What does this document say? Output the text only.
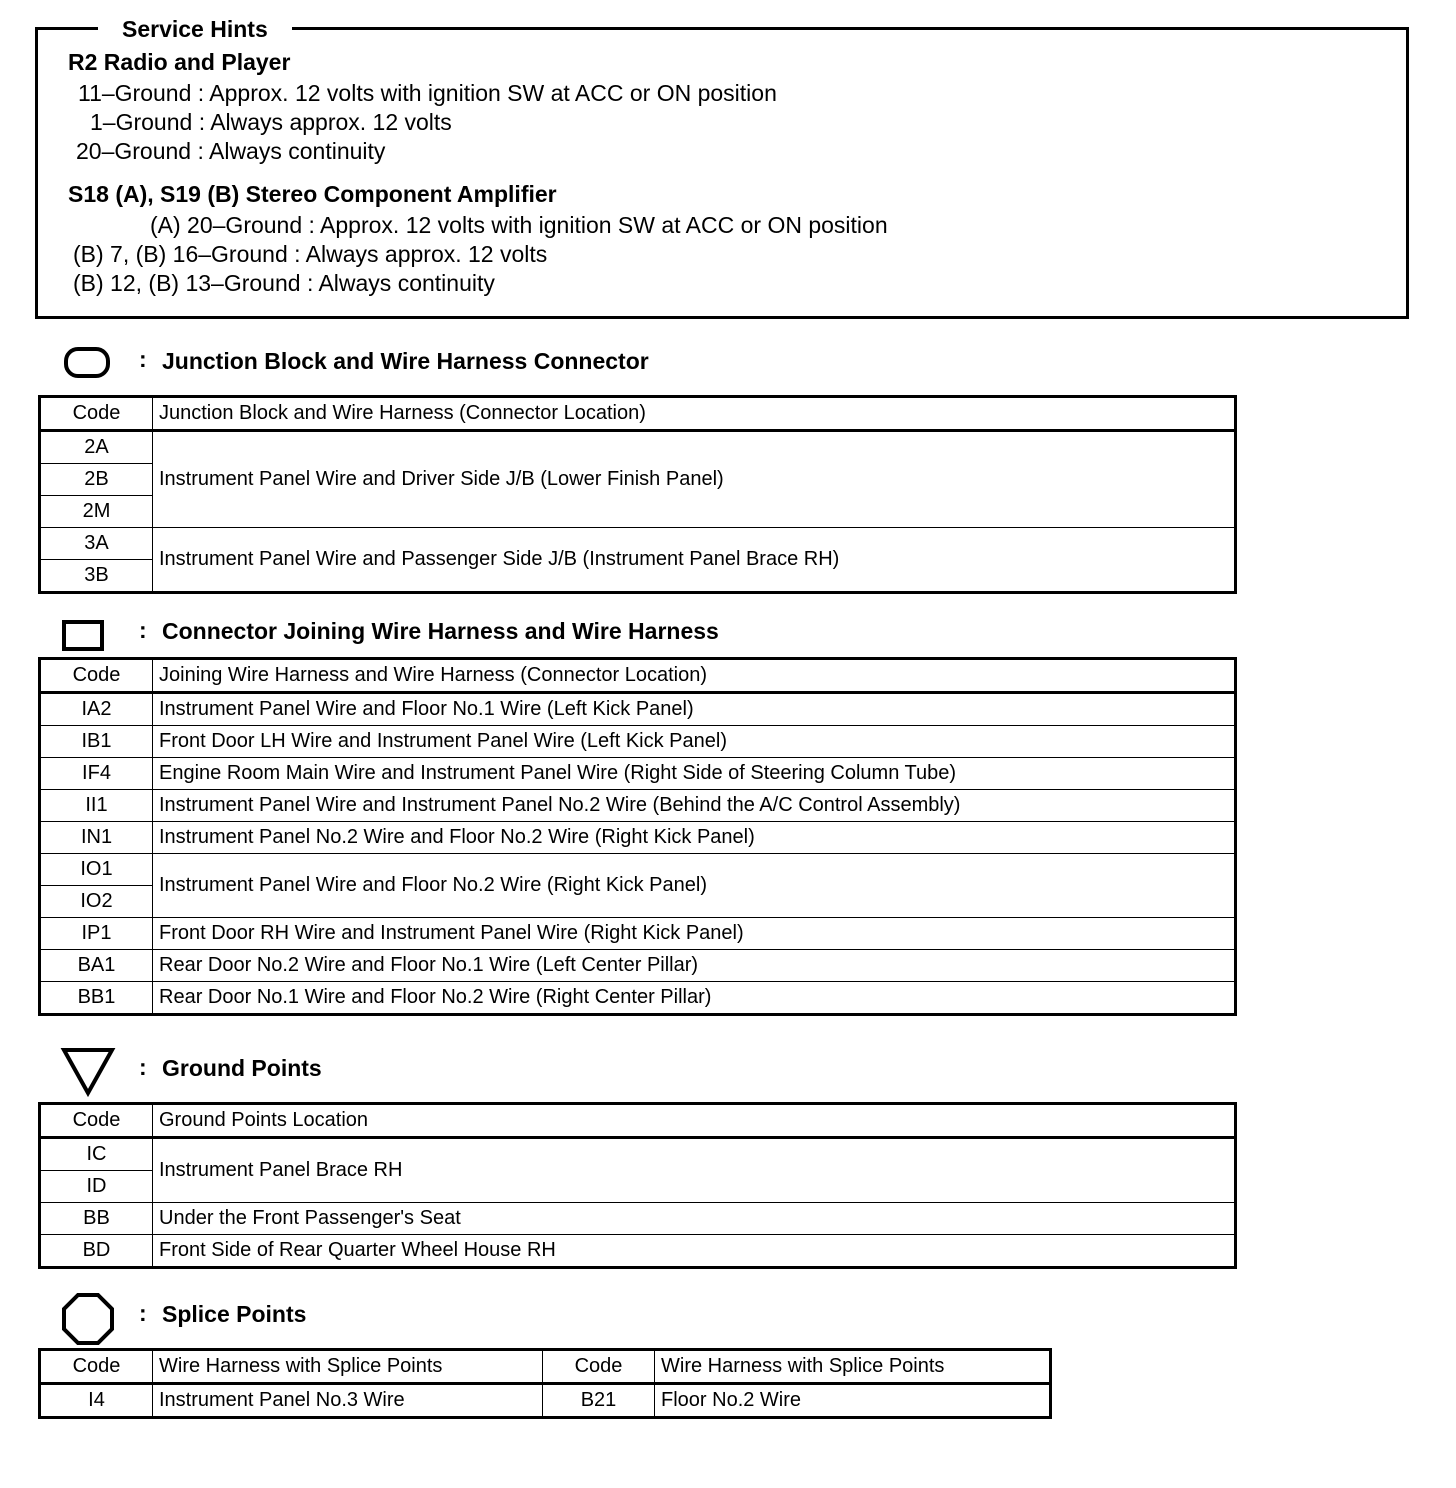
Service Hints
R2 Radio and Player
11–Ground : Approx. 12 volts with ignition SW at ACC or ON position
1–Ground : Always approx. 12 volts
20–Ground : Always continuity
S18 (A), S19 (B) Stereo Component Amplifier
(A) 20–Ground : Approx. 12 volts with ignition SW at ACC or ON position
(B) 7, (B) 16–Ground : Always approx. 12 volts
(B) 12, (B) 13–Ground : Always continuity
: Junction Block and Wire Harness Connector
Code	Junction Block and Wire Harness (Connector Location)
2A	Instrument Panel Wire and Driver Side J/B (Lower Finish Panel)
2B	
2M	
3A	Instrument Panel Wire and Passenger Side J/B (Instrument Panel Brace RH)
3B	
: Connector Joining Wire Harness and Wire Harness
Code	Joining Wire Harness and Wire Harness (Connector Location)
IA2	Instrument Panel Wire and Floor No.1 Wire (Left Kick Panel)
IB1	Front Door LH Wire and Instrument Panel Wire (Left Kick Panel)
IF4	Engine Room Main Wire and Instrument Panel Wire (Right Side of Steering Column Tube)
II1	Instrument Panel Wire and Instrument Panel No.2 Wire (Behind the A/C Control Assembly)
IN1	Instrument Panel No.2 Wire and Floor No.2 Wire (Right Kick Panel)
IO1	Instrument Panel Wire and Floor No.2 Wire (Right Kick Panel)
IO2	
IP1	Front Door RH Wire and Instrument Panel Wire (Right Kick Panel)
BA1	Rear Door No.2 Wire and Floor No.1 Wire (Left Center Pillar)
BB1	Rear Door No.1 Wire and Floor No.2 Wire (Right Center Pillar)
: Ground Points
Code	Ground Points Location
IC	Instrument Panel Brace RH
ID	
BB	Under the Front Passenger's Seat
BD	Front Side of Rear Quarter Wheel House RH
: Splice Points
Code	Wire Harness with Splice Points	Code	Wire Harness with Splice Points
I4	Instrument Panel No.3 Wire	B21	Floor No.2 Wire
